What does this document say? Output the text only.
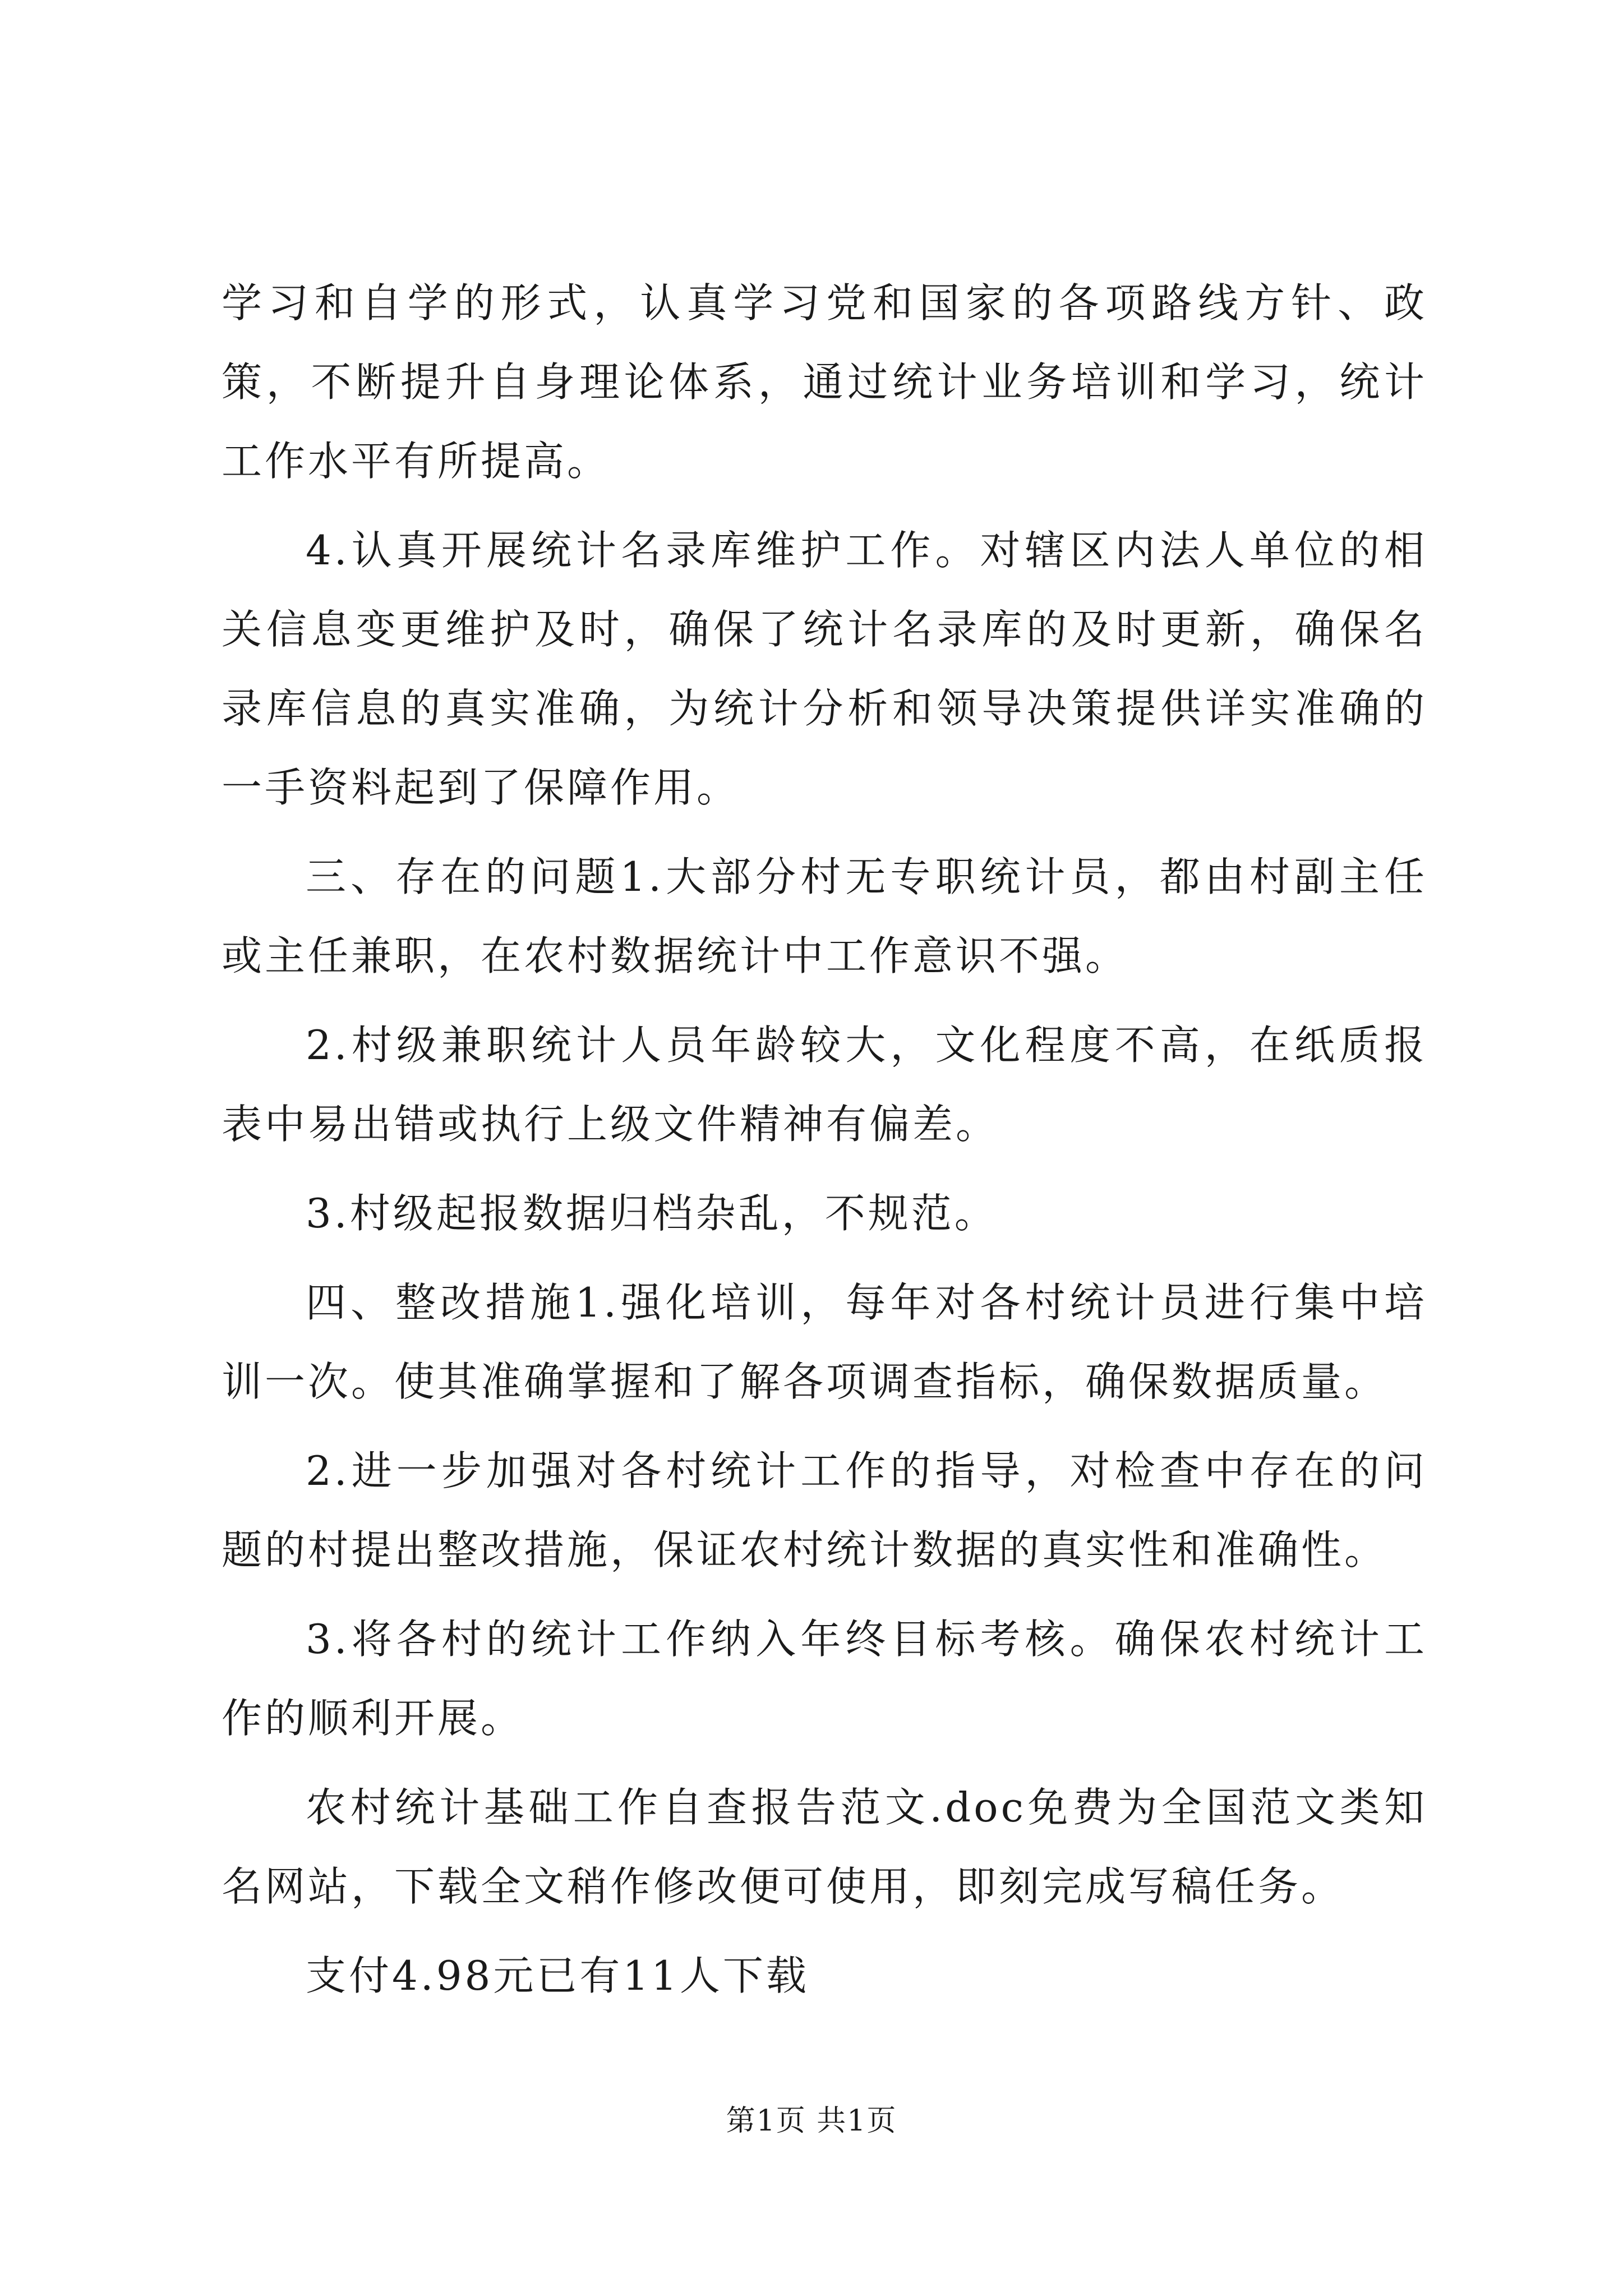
学习和自学的形式，认真学习党和国家的各项路线方针、政策，不断提升自身理论体系，通过统计业务培训和学习，统计工作水平有所提高。

4.认真开展统计名录库维护工作。对辖区内法人单位的相关信息变更维护及时，确保了统计名录库的及时更新，确保名录库信息的真实准确，为统计分析和领导决策提供详实准确的一手资料起到了保障作用。

三、存在的问题1.大部分村无专职统计员，都由村副主任或主任兼职，在农村数据统计中工作意识不强。

2.村级兼职统计人员年龄较大，文化程度不高，在纸质报表中易出错或执行上级文件精神有偏差。

3.村级起报数据归档杂乱，不规范。

四、整改措施1.强化培训，每年对各村统计员进行集中培训一次。使其准确掌握和了解各项调查指标，确保数据质量。

2.进一步加强对各村统计工作的指导，对检查中存在的问题的村提出整改措施，保证农村统计数据的真实性和准确性。

3.将各村的统计工作纳入年终目标考核。确保农村统计工作的顺利开展。

农村统计基础工作自查报告范文.doc免费为全国范文类知名网站，下载全文稍作修改便可使用，即刻完成写稿任务。

支付4.98元已有11人下载

第1页 共1页
